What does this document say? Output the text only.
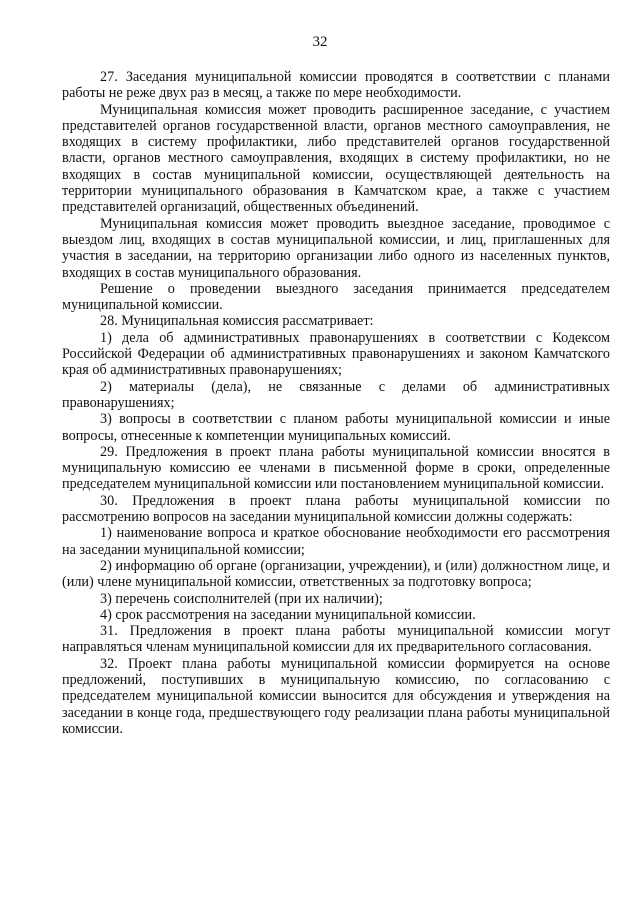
32

27. Заседания муниципальной комиссии проводятся в соответствии с планами работы не реже двух раз в месяц, а также по мере необходимости.

Муниципальная комиссия может проводить расширенное заседание, с участием представителей органов государственной власти, органов местного самоуправления, не входящих в систему профилактики, либо представителей органов государственной власти, органов местного самоуправления, входящих в систему профилактики, но не входящих в состав муниципальной комиссии, осуществляющей деятельность на территории муниципального образования в Камчатском крае, а также с участием представителей организаций, общественных объединений.

Муниципальная комиссия может проводить выездное заседание, проводимое с выездом лиц, входящих в состав муниципальной комиссии, и лиц, приглашенных для участия в заседании, на территорию организации либо одного из населенных пунктов, входящих в состав муниципального образования.

Решение о проведении выездного заседания принимается председателем муниципальной комиссии.

28. Муниципальная комиссия рассматривает:

1) дела об административных правонарушениях в соответствии с Кодексом Российской Федерации об административных правонарушениях и законом Камчатского края об административных правонарушениях;

2) материалы (дела), не связанные с делами об административных правонарушениях;

3) вопросы в соответствии с планом работы муниципальной комиссии и иные вопросы, отнесенные к компетенции муниципальных комиссий.

29. Предложения в проект плана работы муниципальной комиссии вносятся в муниципальную комиссию ее членами в письменной форме в сроки, определенные председателем муниципальной комиссии или постановлением муниципальной комиссии.

30. Предложения в проект плана работы муниципальной комиссии по рассмотрению вопросов на заседании муниципальной комиссии должны содержать:

1) наименование вопроса и краткое обоснование необходимости его рассмотрения на заседании муниципальной комиссии;

2) информацию об органе (организации, учреждении), и (или) должностном лице, и (или) члене муниципальной комиссии, ответственных за подготовку вопроса;

3) перечень соисполнителей (при их наличии);

4) срок рассмотрения на заседании муниципальной комиссии.

31. Предложения в проект плана работы муниципальной комиссии могут направляться членам муниципальной комиссии для их предварительного согласования.

32. Проект плана работы муниципальной комиссии формируется на основе предложений, поступивших в муниципальную комиссию, по согласованию с председателем муниципальной комиссии выносится для обсуждения и утверждения на заседании в конце года, предшествующего году реализации плана работы муниципальной комиссии.
